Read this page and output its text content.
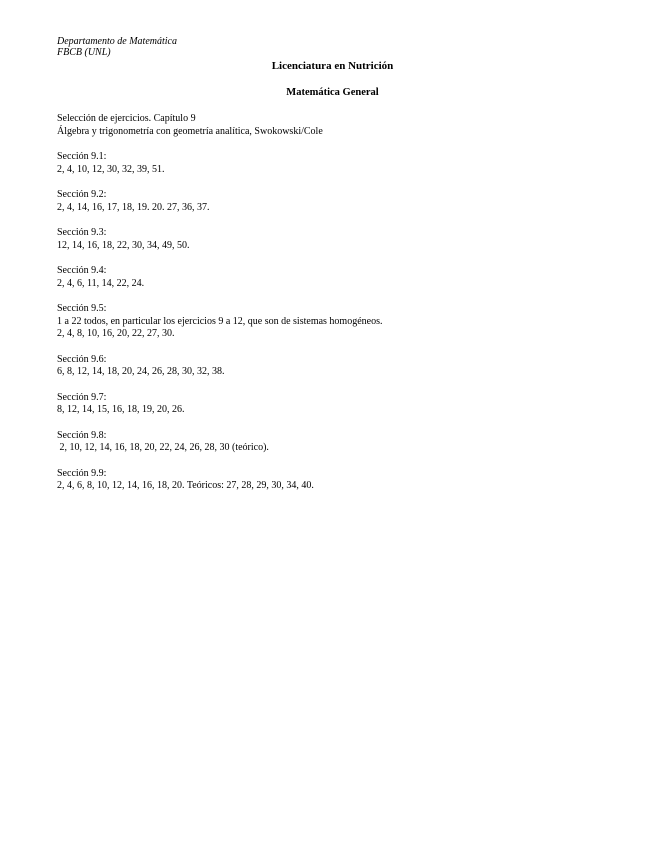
Departamento de Matemática
FBCB (UNL)
Licenciatura en Nutrición
Matemática General

Selección de ejercicios. Capítulo 9

Álgebra y trigonometría con geometría analítica, Swokowski/Cole

Sección 9.1:

2, 4, 10, 12, 30, 32, 39, 51.

Sección 9.2:

2, 4, 14, 16, 17, 18, 19. 20. 27, 36, 37.

Sección 9.3:

12, 14, 16, 18, 22, 30, 34, 49, 50.

Sección 9.4:

2, 4, 6, 11, 14, 22, 24.

Sección 9.5:

1 a 22 todos, en particular los ejercicios 9 a 12, que son de sistemas homogéneos.

2, 4, 8, 10, 16, 20, 22, 27, 30.

Sección 9.6:

6, 8, 12, 14, 18, 20, 24, 26, 28, 30, 32, 38.

Sección 9.7:

8, 12, 14, 15, 16, 18, 19, 20, 26.

Sección 9.8:

2, 10, 12, 14, 16, 18, 20, 22, 24, 26, 28, 30 (teórico).

Sección 9.9:

2, 4, 6, 8, 10, 12, 14, 16, 18, 20. Teóricos: 27, 28, 29, 30, 34, 40.
